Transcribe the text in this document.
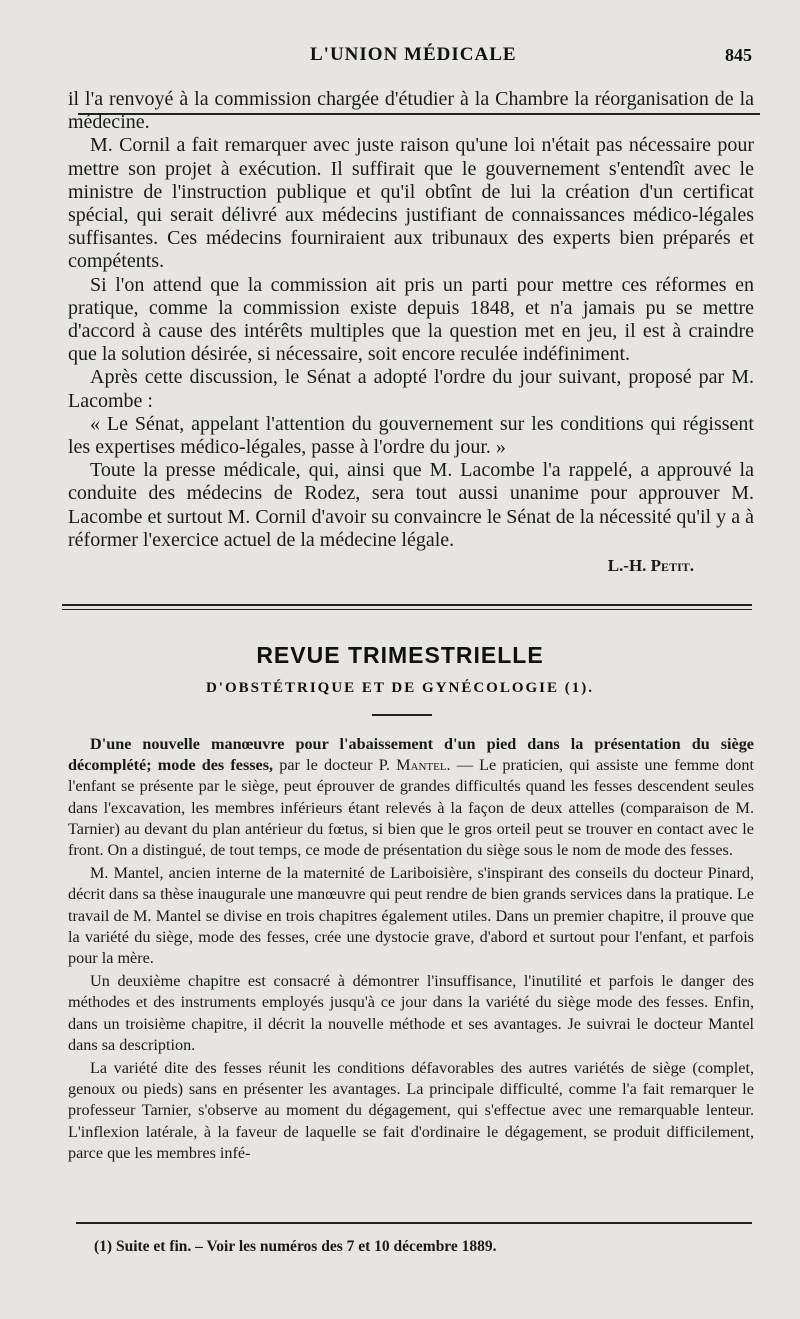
L'UNION MÉDICALE	845

il l'a renvoyé à la commission chargée d'étudier à la Chambre la réorganisation de la médecine.

M. Cornil a fait remarquer avec juste raison qu'une loi n'était pas nécessaire pour mettre son projet à exécution. Il suffirait que le gouvernement s'entendît avec le ministre de l'instruction publique et qu'il obtînt de lui la création d'un certificat spécial, qui serait délivré aux médecins justifiant de connaissances médico-légales suffisantes. Ces médecins fourniraient aux tribunaux des experts bien préparés et compétents.

Si l'on attend que la commission ait pris un parti pour mettre ces réformes en pratique, comme la commission existe depuis 1848, et n'a jamais pu se mettre d'accord à cause des intérêts multiples que la question met en jeu, il est à craindre que la solution désirée, si nécessaire, soit encore reculée indéfiniment.

Après cette discussion, le Sénat a adopté l'ordre du jour suivant, proposé par M. Lacombe :

« Le Sénat, appelant l'attention du gouvernement sur les conditions qui régissent les expertises médico-légales, passe à l'ordre du jour. »

Toute la presse médicale, qui, ainsi que M. Lacombe l'a rappelé, a approuvé la conduite des médecins de Rodez, sera tout aussi unanime pour approuver M. Lacombe et surtout M. Cornil d'avoir su convaincre le Sénat de la nécessité qu'il y a à réformer l'exercice actuel de la médecine légale.

L.-H. Petit.
REVUE TRIMESTRIELLE
D'OBSTÉTRIQUE ET DE GYNÉCOLOGIE (1).

D'une nouvelle manœuvre pour l'abaissement d'un pied dans la présentation du siège décomplété; mode des fesses, par le docteur P. Mantel. — Le praticien, qui assiste une femme dont l'enfant se présente par le siège, peut éprouver de grandes difficultés quand les fesses descendent seules dans l'excavation, les membres inférieurs étant relevés à la façon de deux attelles (comparaison de M. Tarnier) au devant du plan antérieur du fœtus, si bien que le gros orteil peut se trouver en contact avec le front. On a distingué, de tout temps, ce mode de présentation du siège sous le nom de mode des fesses.

M. Mantel, ancien interne de la maternité de Lariboisière, s'inspirant des conseils du docteur Pinard, décrit dans sa thèse inaugurale une manœuvre qui peut rendre de bien grands services dans la pratique. Le travail de M. Mantel se divise en trois chapitres également utiles. Dans un premier chapitre, il prouve que la variété du siège, mode des fesses, crée une dystocie grave, d'abord et surtout pour l'enfant, et parfois pour la mère.

Un deuxième chapitre est consacré à démontrer l'insuffisance, l'inutilité et parfois le danger des méthodes et des instruments employés jusqu'à ce jour dans la variété du siège mode des fesses. Enfin, dans un troisième chapitre, il décrit la nouvelle méthode et ses avantages. Je suivrai le docteur Mantel dans sa description.

La variété dite des fesses réunit les conditions défavorables des autres variétés de siège (complet, genoux ou pieds) sans en présenter les avantages. La principale difficulté, comme l'a fait remarquer le professeur Tarnier, s'observe au moment du dégagement, qui s'effectue avec une remarquable lenteur. L'inflexion latérale, à la faveur de laquelle se fait d'ordinaire le dégagement, se produit difficilement, parce que les membres infé-

(1) Suite et fin. – Voir les numéros des 7 et 10 décembre 1889.
